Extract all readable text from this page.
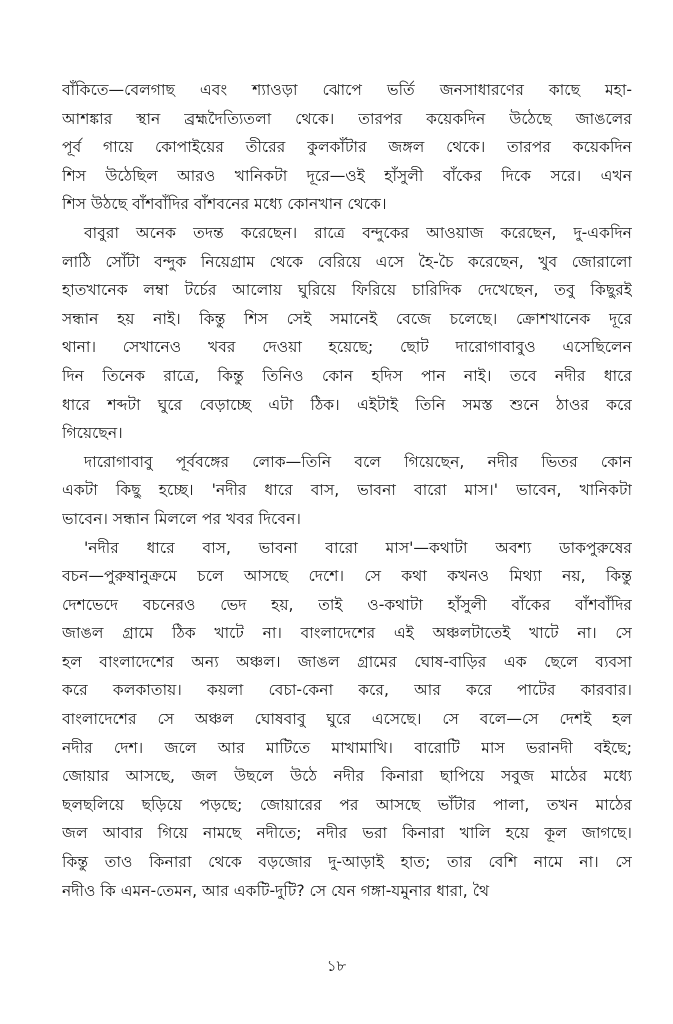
বাঁকিতে—বেলগাছ এবং শ্যাওড়া ঝোপে ভর্তি জনসাধারণের কাছে মহা-
আশঙ্কার স্থান ব্রহ্মদৈত্যিতলা থেকে। তারপর কয়েকদিন উঠেছে জাঙলের
পূর্ব গায়ে কোপাইয়ের তীরের কুলকাঁটার জঙ্গল থেকে। তারপর কয়েকদিন
শিস উঠেছিল আরও খানিকটা দূরে—ওই হাঁসুলী বাঁকের দিকে সরে। এখন
শিস উঠছে বাঁশবাঁদির বাঁশবনের মধ্যে কোনখান থেকে।
বাবুরা অনেক তদন্ত করেছেন। রাত্রে বন্দুকের আওয়াজ করেছেন, দু-একদিন
লাঠি সোঁটা বন্দুক নিয়েগ্রাম থেকে বেরিয়ে এসে হৈ-চৈ করেছেন, খুব জোরালো
হাতখানেক লম্বা টর্চের আলোয় ঘুরিয়ে ফিরিয়ে চারিদিক দেখেছেন, তবু কিছুরই
সন্ধান হয় নাই। কিন্তু শিস সেই সমানেই বেজে চলেছে। ক্রোশখানেক দূরে
থানা। সেখানেও খবর দেওয়া হয়েছে; ছোট দারোগাবাবুও এসেছিলেন
দিন তিনেক রাত্রে, কিন্তু তিনিও কোন হদিস পান নাই। তবে নদীর ধারে
ধারে শব্দটা ঘুরে বেড়াচ্ছে এটা ঠিক। এইটাই তিনি সমস্ত শুনে ঠাওর করে
গিয়েছেন।
দারোগাবাবু পূর্ববঙ্গের লোক—তিনি বলে গিয়েছেন, নদীর ভিতর কোন
একটা কিছু হচ্ছে। 'নদীর ধারে বাস, ভাবনা বারো মাস।' ভাবেন, খানিকটা
ভাবেন। সন্ধান মিললে পর খবর দিবেন।
'নদীর ধারে বাস, ভাবনা বারো মাস'—কথাটা অবশ্য ডাকপুরুষের
বচন—পুরুষানুক্রমে চলে আসছে দেশে। সে কথা কখনও মিথ্যা নয়, কিন্তু
দেশভেদে বচনেরও ভেদ হয়, তাই ও-কথাটা হাঁসুলী বাঁকের বাঁশবাঁদির
জাঙল গ্রামে ঠিক খাটে না। বাংলাদেশের এই অঞ্চলটাতেই খাটে না। সে
হল বাংলাদেশের অন্য অঞ্চল। জাঙল গ্রামের ঘোষ-বাড়ির এক ছেলে ব্যবসা
করে কলকাতায়। কয়লা বেচা-কেনা করে, আর করে পাটের কারবার।
বাংলাদেশের সে অঞ্চল ঘোষবাবু ঘুরে এসেছে। সে বলে—সে দেশই হল
নদীর দেশ। জলে আর মাটিতে মাখামাখি। বারোটি মাস ভরানদী বইছে;
জোয়ার আসছে, জল উছলে উঠে নদীর কিনারা ছাপিয়ে সবুজ মাঠের মধ্যে
ছলছলিয়ে ছড়িয়ে পড়ছে; জোয়ারের পর আসছে ভাঁটার পালা, তখন মাঠের
জল আবার গিয়ে নামছে নদীতে; নদীর ভরা কিনারা খালি হয়ে কূল জাগছে।
কিন্তু তাও কিনারা থেকে বড়জোর দু-আড়াই হাত; তার বেশি নামে না। সে
নদীও কি এমন-তেমন, আর একটি-দুটি? সে যেন গঙ্গা-যমুনার ধারা, থৈ
১৮
